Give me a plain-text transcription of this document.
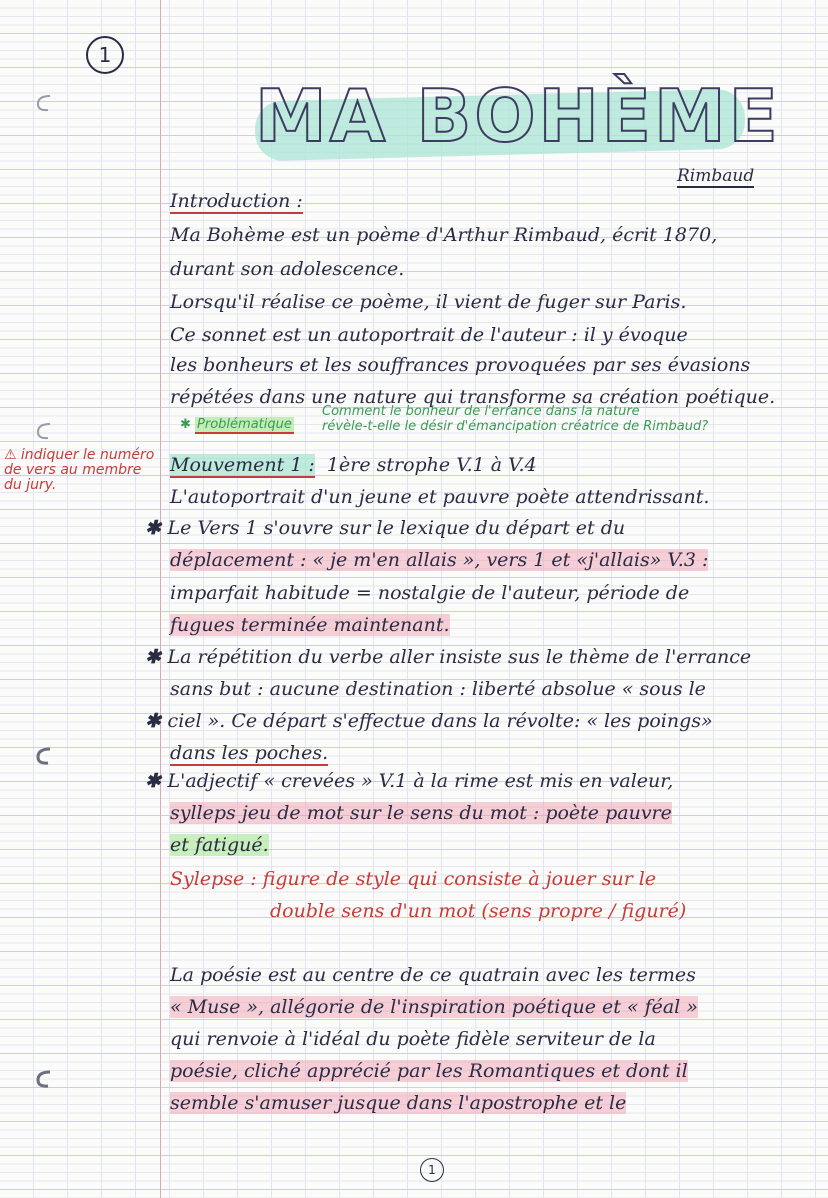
1
MA BOHÈME
Rimbaud
Introduction :
Ma Bohème est un poème d'Arthur Rimbaud, écrit 1870,
durant son adolescence.
Lorsqu'il réalise ce poème, il vient de fuger sur Paris.
Ce sonnet est un autoportrait de l'auteur : il y évoque
les bonheurs et les souffrances provoquées par ses évasions
répétées dans une nature qui transforme sa création poétique.
✱ Problématique
Comment le bonheur de l'errance dans la nature
révèle-t-elle le désir d'émancipation créatrice de Rimbaud?
⚠ indiquer le numéro de vers au membre du jury.
Mouvement 1 : 1ère strophe V.1 à V.4
L'autoportrait d'un jeune et pauvre poète attendrissant.
✱ Le Vers 1 s'ouvre sur le lexique du départ et du
déplacement : « je m'en allais », vers 1 et «j'allais» V.3 :
imparfait habitude = nostalgie de l'auteur, période de
fugues terminée maintenant.
✱ La répétition du verbe aller insiste sus le thème de l'errance
sans but : aucune destination : liberté absolue « sous le
✱ ciel ». Ce départ s'effectue dans la révolte: « les poings»
dans les poches.
✱ L'adjectif « crevées » V.1 à la rime est mis en valeur,
sylleps jeu de mot sur le sens du mot : poète pauvre
et fatigué.
Sylepse : figure de style qui consiste à jouer sur le
double sens d'un mot (sens propre / figuré)
La poésie est au centre de ce quatrain avec les termes
« Muse », allégorie de l'inspiration poétique et « féal »
qui renvoie à l'idéal du poète fidèle serviteur de la
poésie, cliché apprécié par les Romantiques et dont il
semble s'amuser jusque dans l'apostrophe et le
1
